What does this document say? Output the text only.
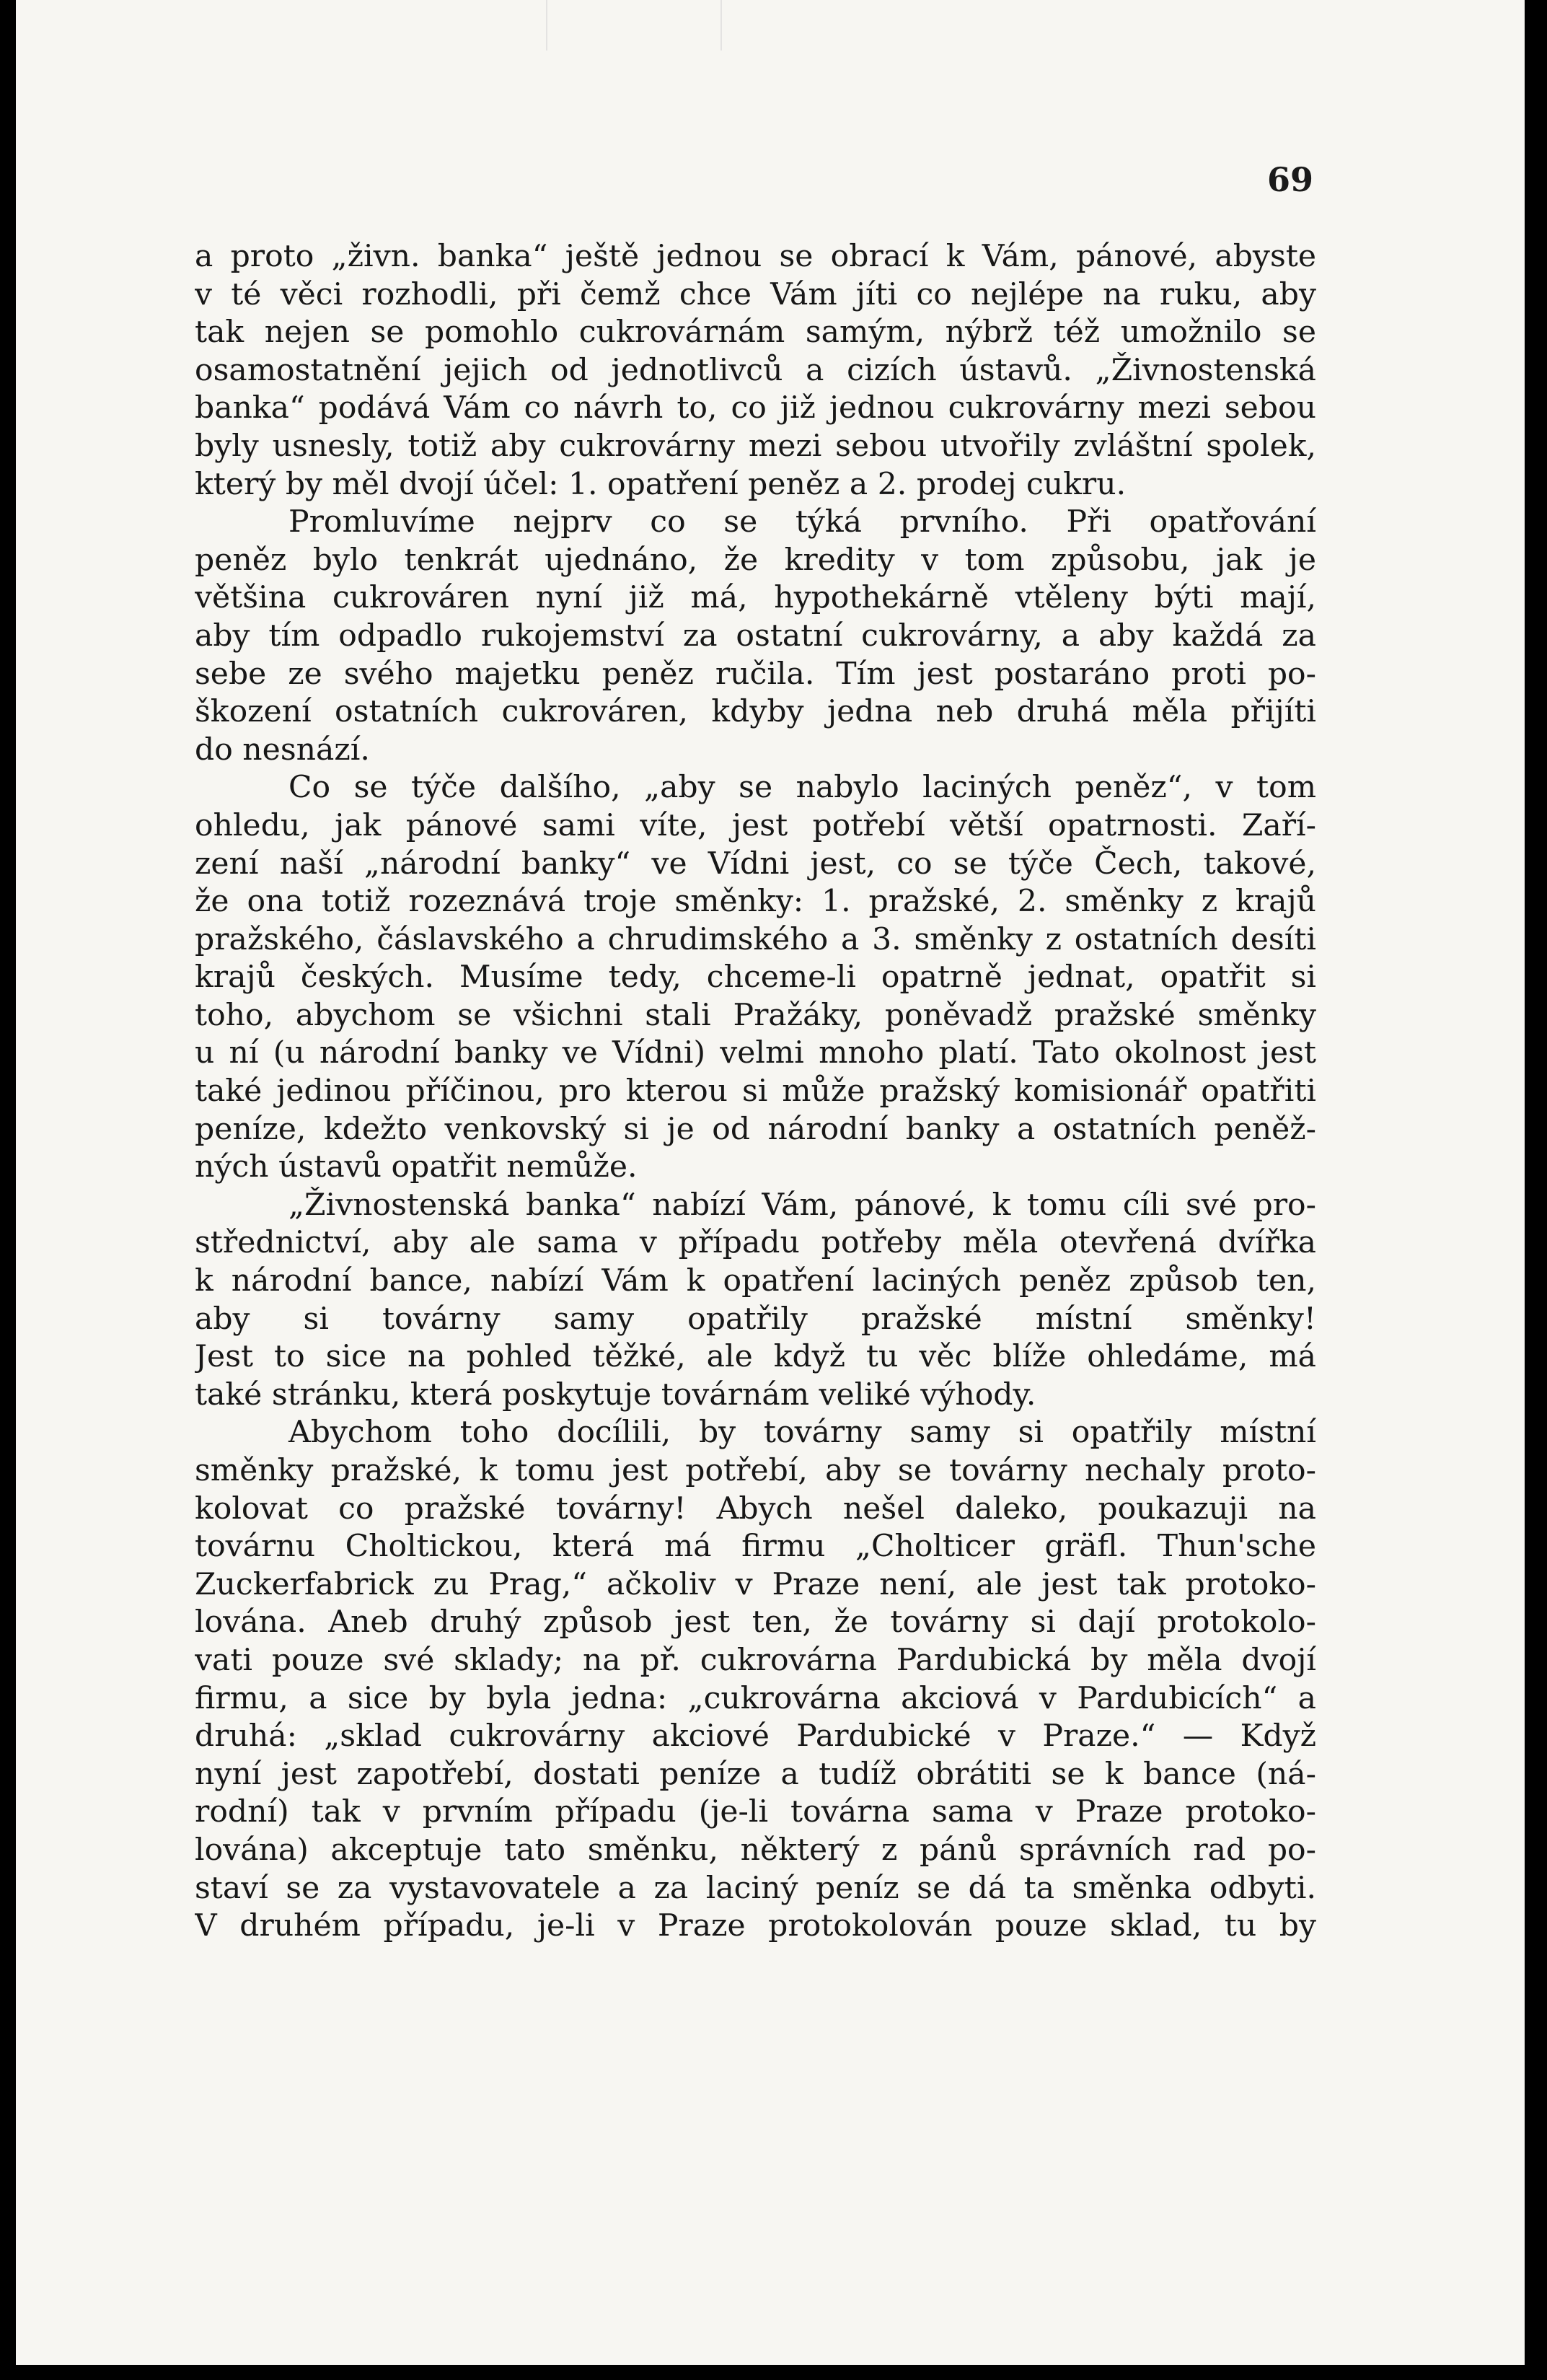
69
a proto „živn. banka“ ještě jednou se obrací k Vám, pánové, abyste
v té věci rozhodli, při čemž chce Vám jíti co nejlépe na ruku, aby
tak nejen se pomohlo cukrovárnám samým, nýbrž též umožnilo se
osamostatnění jejich od jednotlivců a cizích ústavů. „Živnostenská
banka“ podává Vám co návrh to, co již jednou cukrovárny mezi sebou
byly usnesly, totiž aby cukrovárny mezi sebou utvořily zvláštní spolek,
který by měl dvojí účel: 1. opatření peněz a 2. prodej cukru.
Promluvíme nejprv co se týká prvního. Při opatřování
peněz bylo tenkrát ujednáno, že kredity v tom způsobu, jak je
většina cukrováren nyní již má, hypothekárně vtěleny býti mají,
aby tím odpadlo rukojemství za ostatní cukrovárny, a aby každá za
sebe ze svého majetku peněz ručila. Tím jest postaráno proti po-
škození ostatních cukrováren, kdyby jedna neb druhá měla přijíti
do nesnází.
Co se týče dalšího, „aby se nabylo laciných peněz“, v tom
ohledu, jak pánové sami víte, jest potřebí větší opatrnosti. Zaří-
zení naší „národní banky“ ve Vídni jest, co se týče Čech, takové,
že ona totiž rozeznává troje směnky: 1. pražské, 2. směnky z krajů
pražského, čáslavského a chrudimského a 3. směnky z ostatních desíti
krajů českých. Musíme tedy, chceme-li opatrně jednat, opatřit si
toho, abychom se všichni stali Pražáky, poněvadž pražské směnky
u ní (u národní banky ve Vídni) velmi mnoho platí. Tato okolnost jest
také jedinou příčinou, pro kterou si může pražský komisionář opatřiti
peníze, kdežto venkovský si je od národní banky a ostatních peněž-
ných ústavů opatřit nemůže.
„Živnostenská banka“ nabízí Vám, pánové, k tomu cíli své pro-
střednictví, aby ale sama v případu potřeby měla otevřená dvířka
k národní bance, nabízí Vám k opatření laciných peněz způsob ten,
aby si továrny samy opatřily pražské místní směnky!
Jest to sice na pohled těžké, ale když tu věc blíže ohledáme, má
také stránku, která poskytuje továrnám veliké výhody.
Abychom toho docílili, by továrny samy si opatřily místní
směnky pražské, k tomu jest potřebí, aby se továrny nechaly proto-
kolovat co pražské továrny! Abych nešel daleko, poukazuji na
továrnu Choltickou, která má firmu „Cholticer gräfl. Thun'sche
Zuckerfabrick zu Prag,“ ačkoliv v Praze není, ale jest tak protoko-
lována. Aneb druhý způsob jest ten, že továrny si dají protokolo-
vati pouze své sklady; na př. cukrovárna Pardubická by měla dvojí
firmu, a sice by byla jedna: „cukrovárna akciová v Pardubicích“ a
druhá: „sklad cukrovárny akciové Pardubické v Praze.“ — Když
nyní jest zapotřebí, dostati peníze a tudíž obrátiti se k bance (ná-
rodní) tak v prvním případu (je-li továrna sama v Praze protoko-
lována) akceptuje tato směnku, některý z pánů správních rad po-
staví se za vystavovatele a za laciný peníz se dá ta směnka odbyti.
V druhém případu, je-li v Praze protokolován pouze sklad, tu by
